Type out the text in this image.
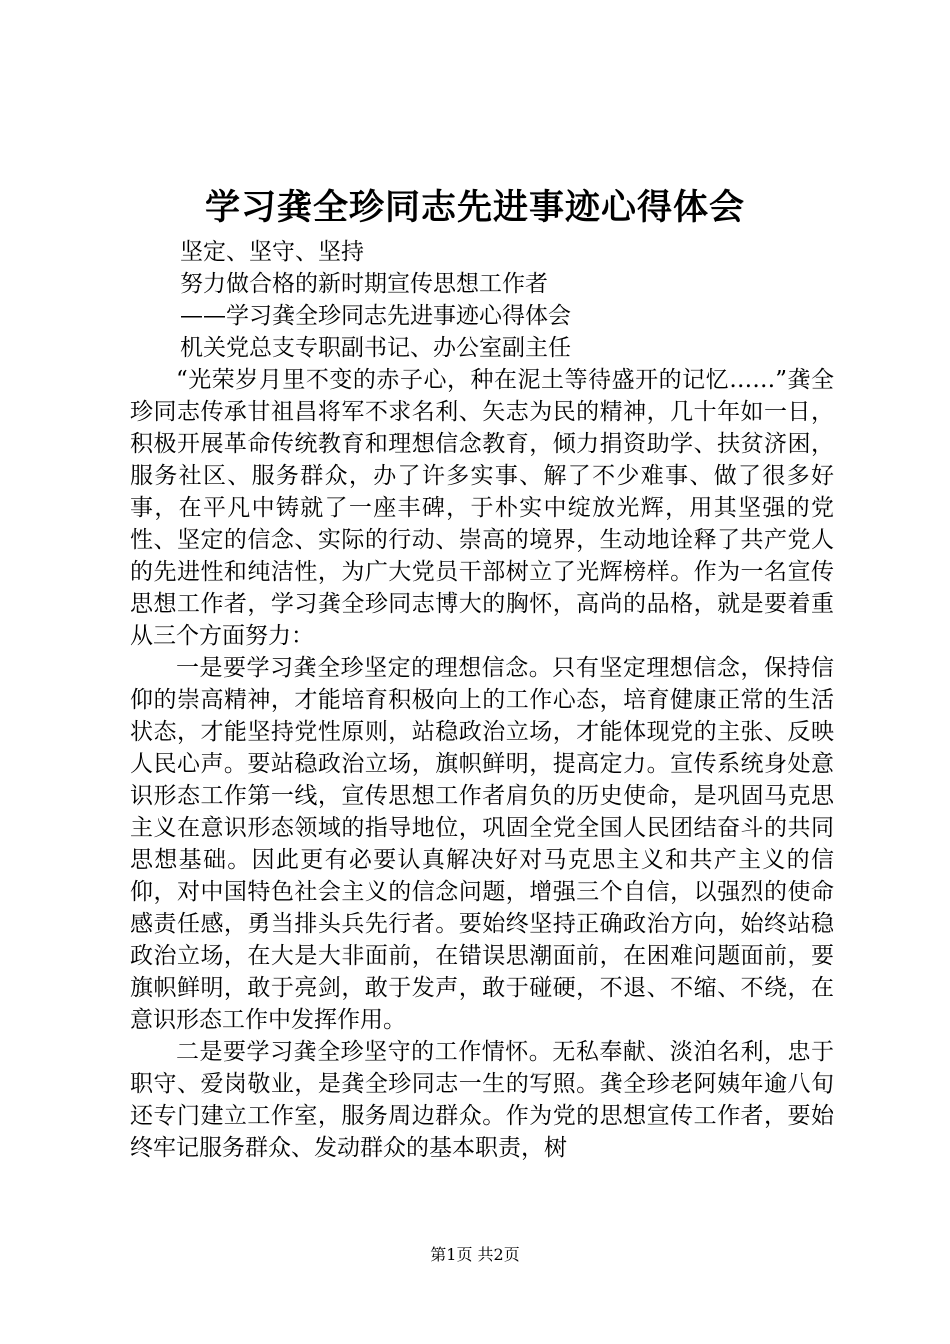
学习龚全珍同志先进事迹心得体会

坚定、坚守、坚持

努力做合格的新时期宣传思想工作者

——学习龚全珍同志先进事迹心得体会

机关党总支专职副书记、办公室副主任

“光荣岁月里不变的赤子心，种在泥土等待盛开的记忆……”龚全珍同志传承甘祖昌将军不求名利、矢志为民的精神，几十年如一日，积极开展革命传统教育和理想信念教育，倾力捐资助学、扶贫济困，服务社区、服务群众，办了许多实事、解了不少难事、做了很多好事，在平凡中铸就了一座丰碑，于朴实中绽放光辉，用其坚强的党性、坚定的信念、实际的行动、崇高的境界，生动地诠释了共产党人的先进性和纯洁性，为广大党员干部树立了光辉榜样。作为一名宣传思想工作者，学习龚全珍同志博大的胸怀，高尚的品格，就是要着重从三个方面努力：

一是要学习龚全珍坚定的理想信念。只有坚定理想信念，保持信仰的崇高精神，才能培育积极向上的工作心态，培育健康正常的生活状态，才能坚持党性原则，站稳政治立场，才能体现党的主张、反映人民心声。要站稳政治立场，旗帜鲜明，提高定力。宣传系统身处意识形态工作第一线，宣传思想工作者肩负的历史使命，是巩固马克思主义在意识形态领域的指导地位，巩固全党全国人民团结奋斗的共同思想基础。因此更有必要认真解决好对马克思主义和共产主义的信仰，对中国特色社会主义的信念问题，增强三个自信，以强烈的使命感责任感，勇当排头兵先行者。要始终坚持正确政治方向，始终站稳政治立场，在大是大非面前，在错误思潮面前，在困难问题面前，要旗帜鲜明，敢于亮剑，敢于发声，敢于碰硬，不退、不缩、不绕，在意识形态工作中发挥作用。

二是要学习龚全珍坚守的工作情怀。无私奉献、淡泊名利，忠于职守、爱岗敬业，是龚全珍同志一生的写照。龚全珍老阿姨年逾八旬还专门建立工作室，服务周边群众。作为党的思想宣传工作者，要始终牢记服务群众、发动群众的基本职责，树

第1页 共2页
